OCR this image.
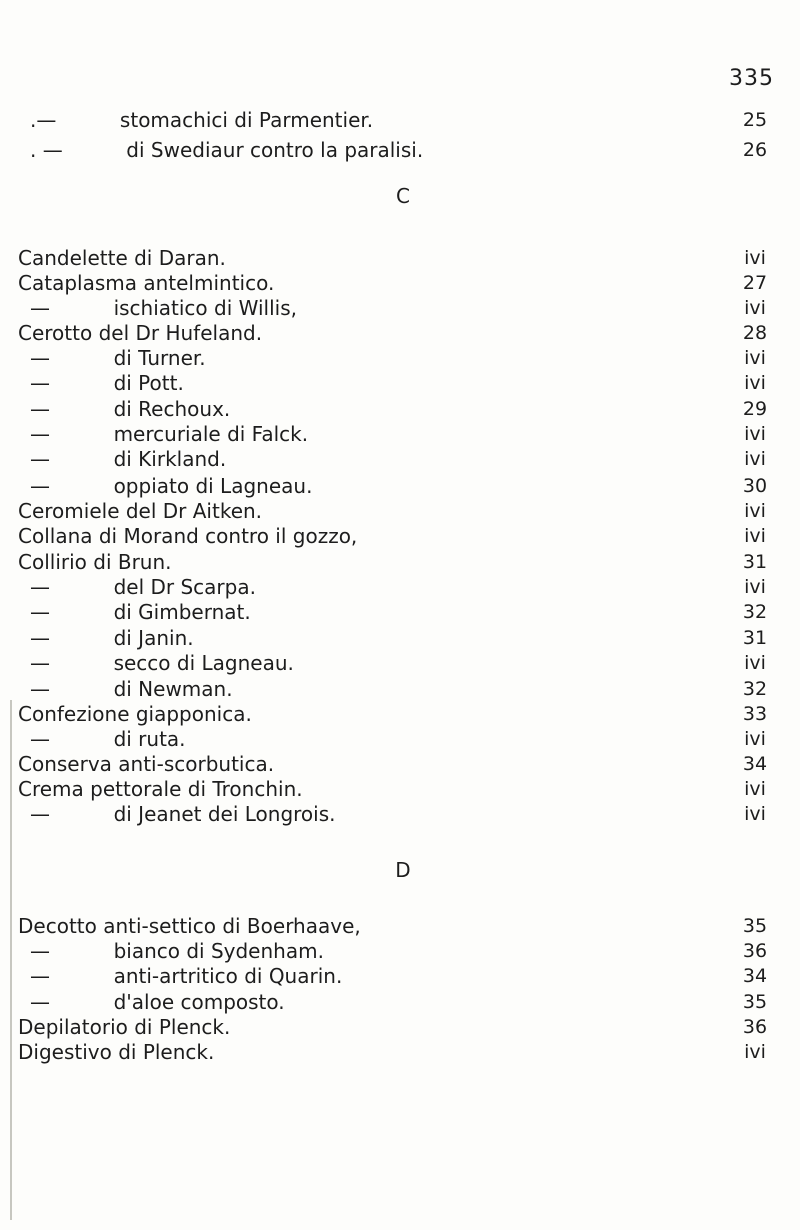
335
.—          stomachici di Parmentier.	25
. —          di Swediaur contro la paralisi.	26
C
Candelette di Daran.	ivi
Cataplasma antelmintico.	27
—          ischiatico di Willis,	ivi
Cerotto del Dr Hufeland.	28
—          di Turner.	ivi
—          di Pott.	ivi
—          di Rechoux.	29
—          mercuriale di Falck.	ivi
—          di Kirkland.	ivi
—          oppiato di Lagneau.	30
Ceromiele del Dr Aitken.	ivi
Collana di Morand contro il gozzo,	ivi
Collirio di Brun.	31
—          del Dr Scarpa.	ivi
—          di Gimbernat.	32
—          di Janin.	31
—          secco di Lagneau.	ivi
—          di Newman.	32
Confezione giapponica.	33
—          di ruta.	ivi
Conserva anti-scorbutica.	34
Crema pettorale di Tronchin.	ivi
—          di Jeanet dei Longrois.	ivi
D
Decotto anti-settico di Boerhaave,	35
—          bianco di Sydenham.	36
—          anti-artritico di Quarin.	34
—          d'aloe composto.	35
Depilatorio di Plenck.	36
Digestivo di Plenck.	ivi
